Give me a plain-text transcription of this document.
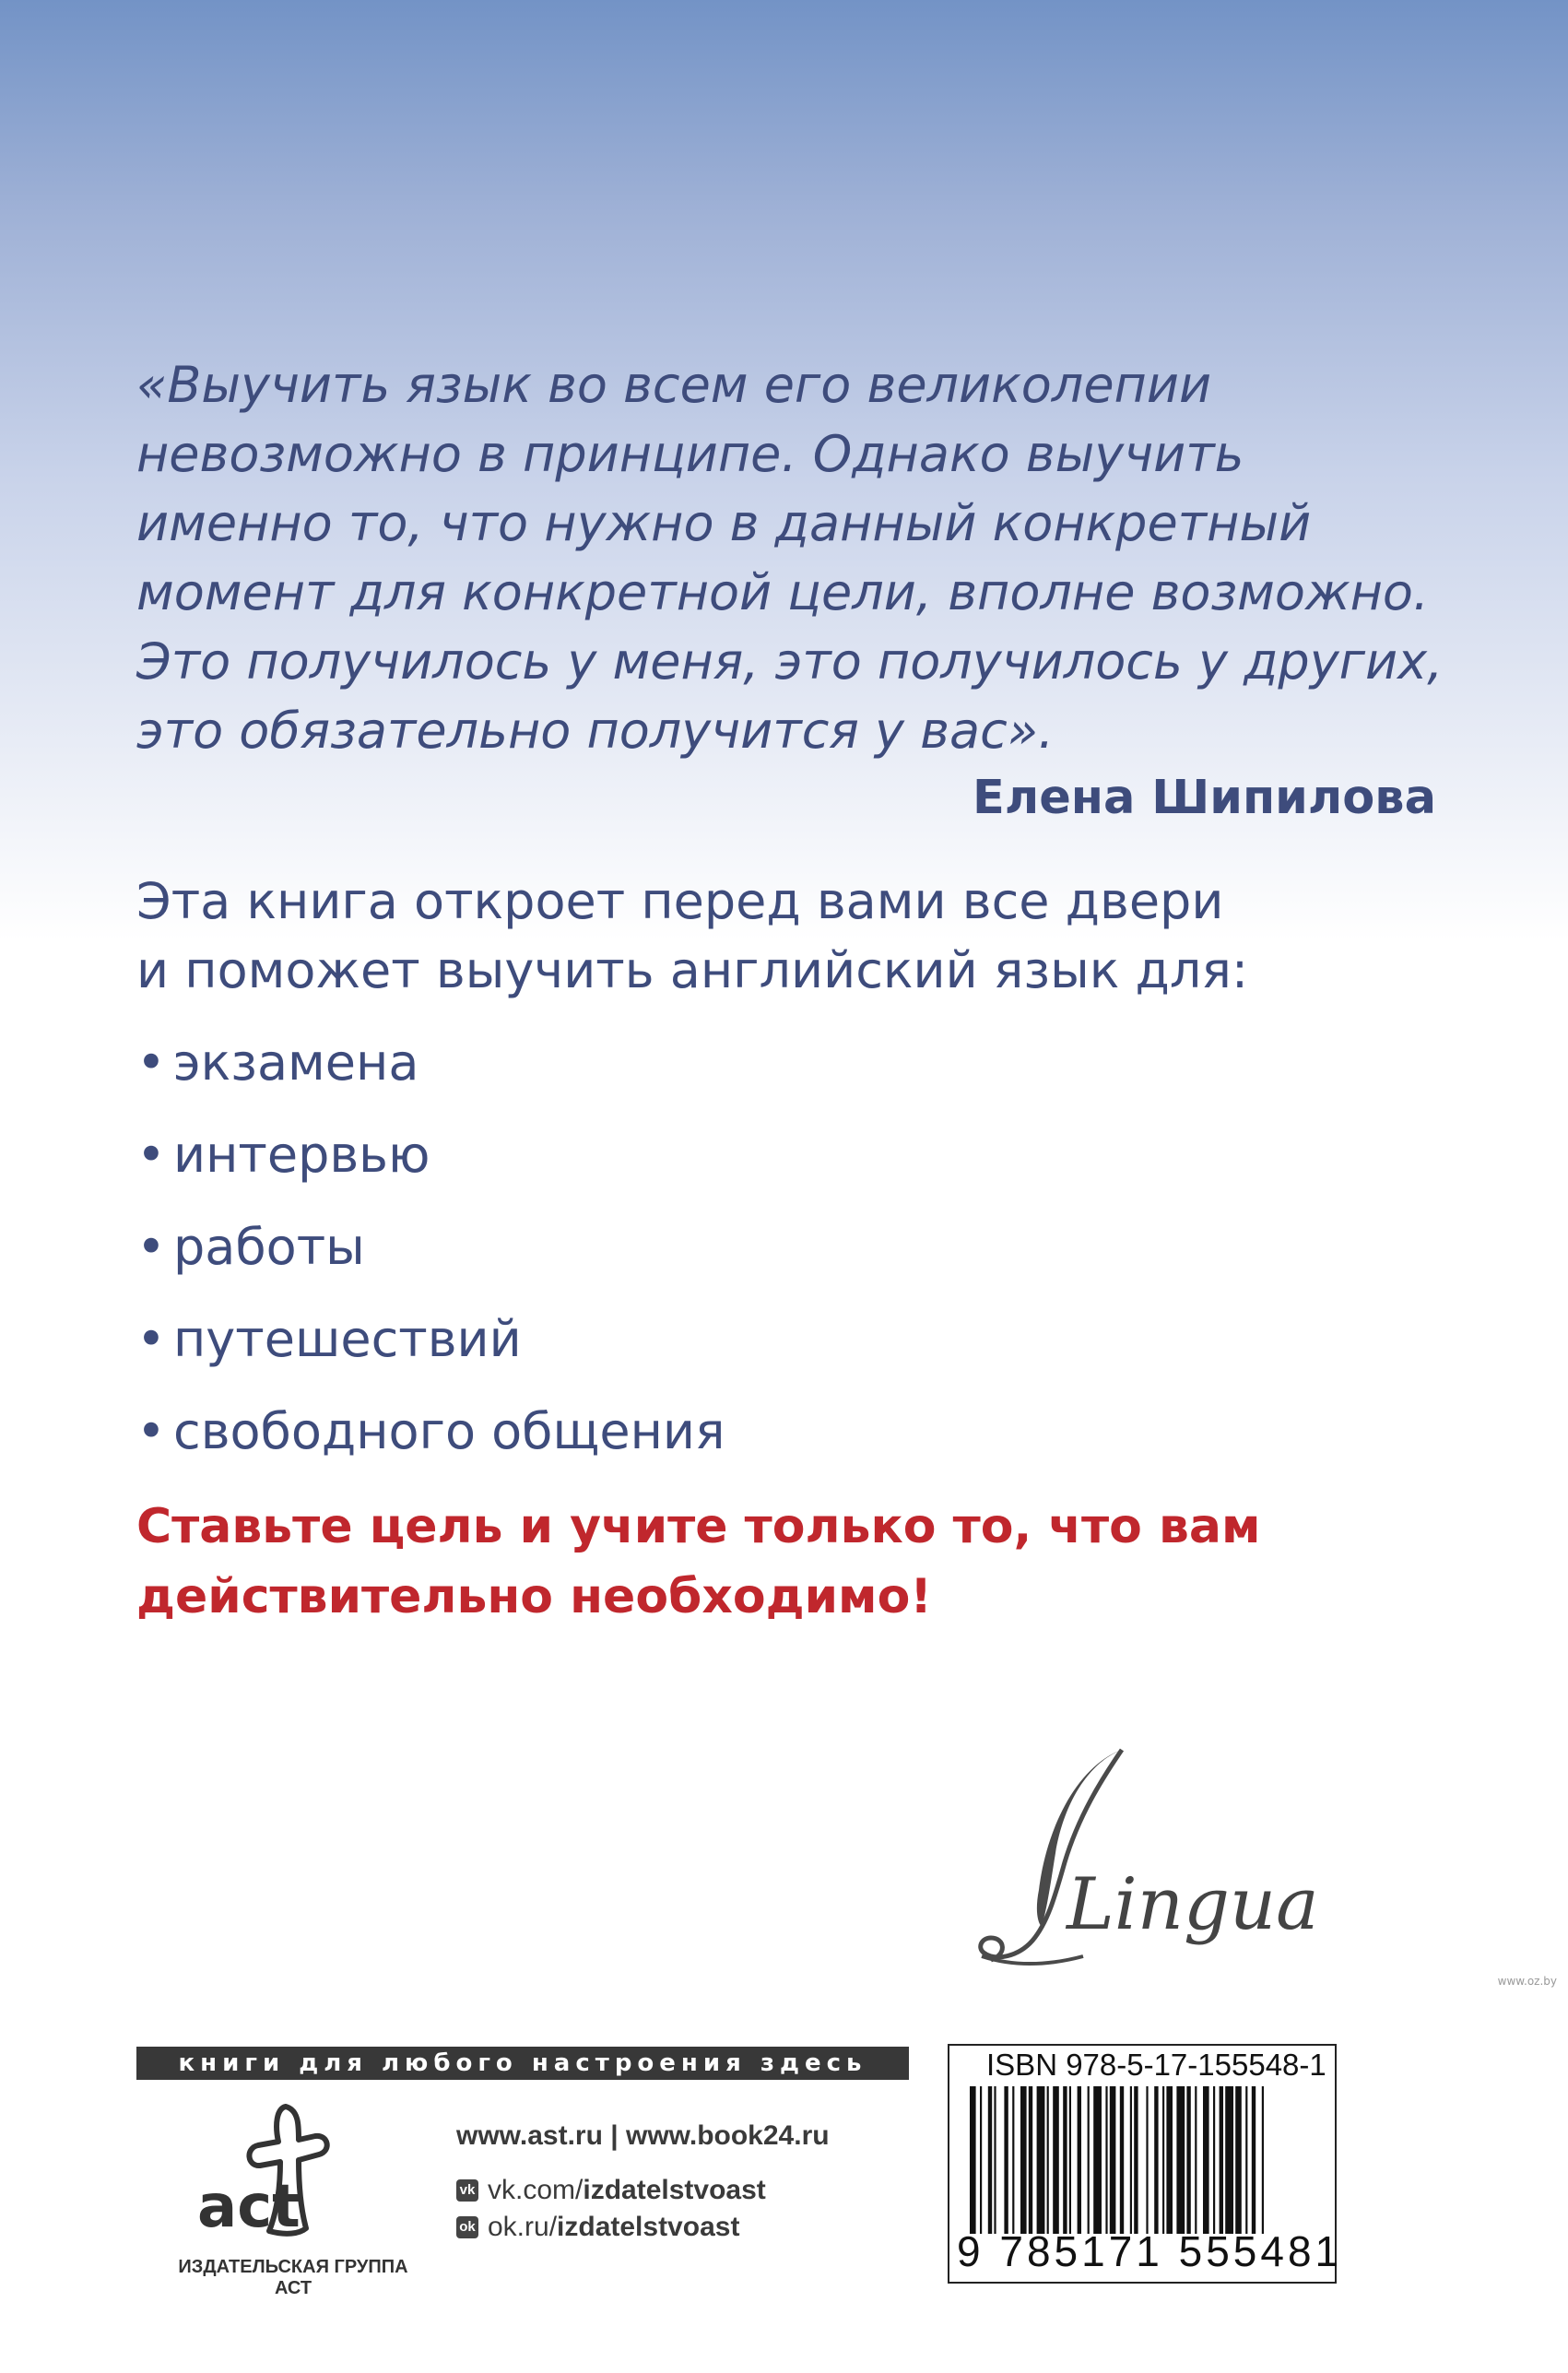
«Выучить язык во всем его великолепии
невозможно в принципе. Однако выучить
именно то, что нужно в данный конкретный
момент для конкретной цели, вполне возможно.
Это получилось у меня, это получилось у других,
это обязательно получится у вас».
Елена Шипилова
Эта книга откроет перед вами все двери
и поможет выучить английский язык для:
• экзамена
• интервью
• работы
• путешествий
• свободного общения
Ставьте цель и учите только то, что вам
действительно необходимо!
Lingua
книги для любого настроения здесь
act
ИЗДАТЕЛЬСКАЯ ГРУППА АСТ
www.ast.ru | www.book24.ru
vk vk.com/ izdatelstvoast
ok ok.ru/ izdatelstvoast
ISBN 978-5-17-155548-1
9 785171 555481
www.oz.by
